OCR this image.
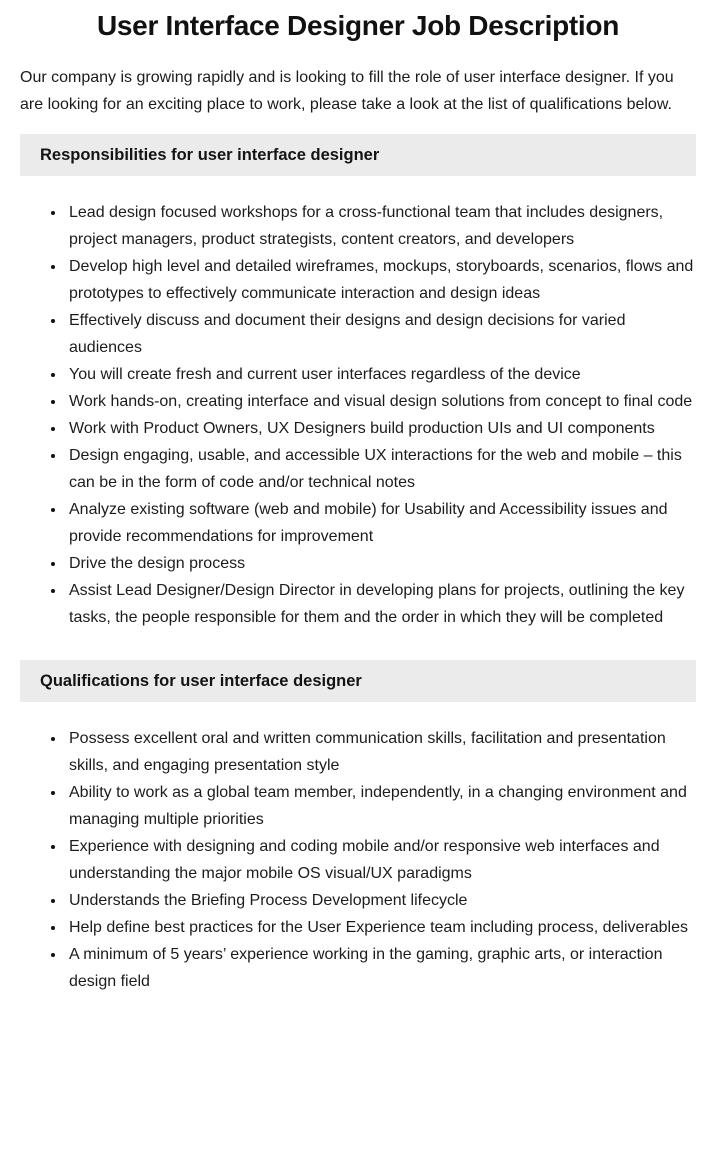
User Interface Designer Job Description

Our company is growing rapidly and is looking to fill the role of user interface designer. If you are looking for an exciting place to work, please take a look at the list of qualifications below.

Responsibilities for user interface designer
• Lead design focused workshops for a cross-functional team that includes designers, project managers, product strategists, content creators, and developers
• Develop high level and detailed wireframes, mockups, storyboards, scenarios, flows and prototypes to effectively communicate interaction and design ideas
• Effectively discuss and document their designs and design decisions for varied audiences
• You will create fresh and current user interfaces regardless of the device
• Work hands-on, creating interface and visual design solutions from concept to final code
• Work with Product Owners, UX Designers build production UIs and UI components
• Design engaging, usable, and accessible UX interactions for the web and mobile – this can be in the form of code and/or technical notes
• Analyze existing software (web and mobile) for Usability and Accessibility issues and provide recommendations for improvement
• Drive the design process
• Assist Lead Designer/Design Director in developing plans for projects, outlining the key tasks, the people responsible for them and the order in which they will be completed
Qualifications for user interface designer
• Possess excellent oral and written communication skills, facilitation and presentation skills, and engaging presentation style
• Ability to work as a global team member, independently, in a changing environment and managing multiple priorities
• Experience with designing and coding mobile and/or responsive web interfaces and understanding the major mobile OS visual/UX paradigms
• Understands the Briefing Process Development lifecycle
• Help define best practices for the User Experience team including process, deliverables
• A minimum of 5 years’ experience working in the gaming, graphic arts, or interaction design field
